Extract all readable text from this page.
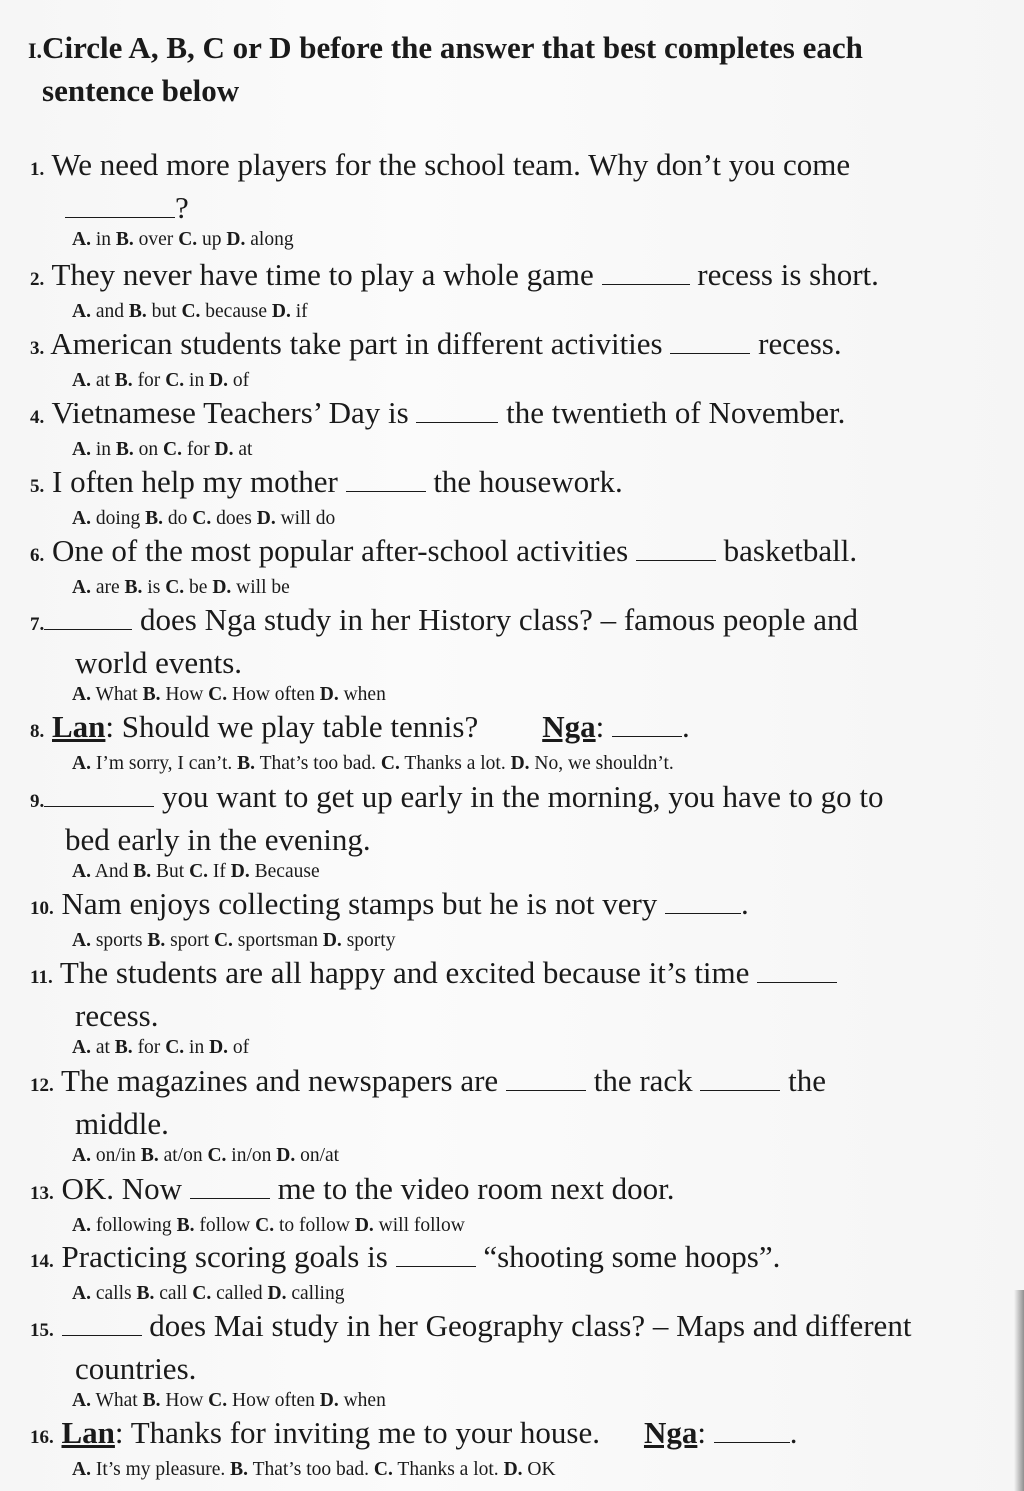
I.Circle A, B, C or D before the answer that best completes each
sentence below
1. We need more players for the school team. Why don’t you come
?
A. in B. over C. up D. along
2. They never have time to play a whole game	recess is short.
A. and B. but C. because D. if
3. American students take part in different activities	recess.
A. at B. for C. in D. of
4. Vietnamese Teachers’ Day is	the twentieth of November.
A. in B. on C. for D. at
5. I often help my mother	the housework.
A. doing B. do C. does D. will do
6. One of the most popular after-school activities	basketball.
A. are B. is C. be D. will be
7.	does Nga study in her History class? – famous people and
world events.
A. What B. How C. How often D. when
8. Lan: Should we play table tennis? Nga:	.
A. I’m sorry, I can’t. B. That’s too bad. C. Thanks a lot. D. No, we shouldn’t.
9.	you want to get up early in the morning, you have to go to
bed early in the evening.
A. And B. But C. If D. Because
10. Nam enjoys collecting stamps but he is not very	.
A. sports B. sport C. sportsman D. sporty
11. The students are all happy and excited because it’s time
recess.
A. at B. for C. in D. of
12. The magazines and newspapers are	the rack	the
middle.
A. on/in B. at/on C. in/on D. on/at
13. OK. Now	me to the video room next door.
A. following B. follow C. to follow D. will follow
14. Practicing scoring goals is	“shooting some hoops”.
A. calls B. call C. called D. calling
15.	does Mai study in her Geography class? – Maps and different
countries.
A. What B. How C. How often D. when
16. Lan: Thanks for inviting me to your house. Nga:	.
A. It’s my pleasure. B. That’s too bad. C. Thanks a lot. D. OK
